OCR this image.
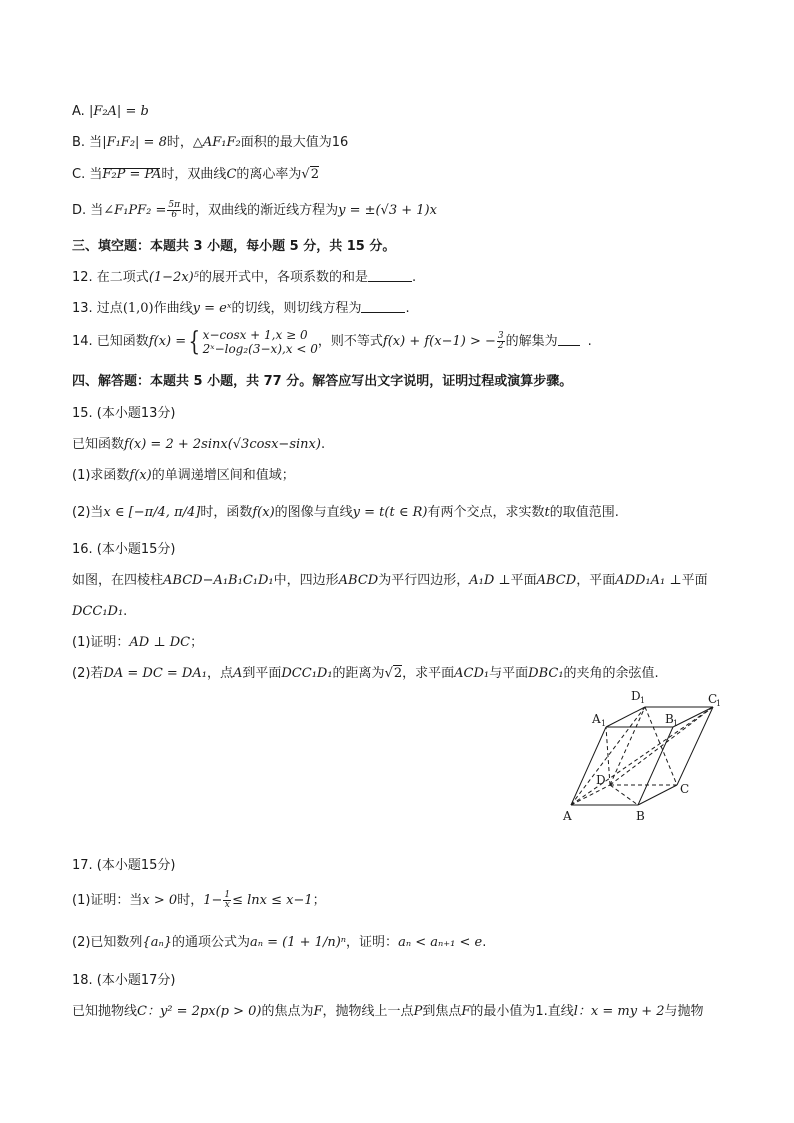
A. |F₂A| = b
B. 当|F₁F₂| = 8时，△AF₁F₂面积的最大值为16
C. 当
F₂P = PA时，双曲线C的离心率为√2
D. 当∠F₁PF₂ = $\frac{5\pi}{6}$ 时，双曲线的渐近线方程为y = ±(√3 + 1)x
三、填空题：本题共 3 小题，每小题 5 分，共 15 分。
12. 在二项式(1−2x)⁵的展开式中，各项系数的和是	.
13. 过点(1,0)作曲线y = eˣ的切线，则切线方程为	.
14. 已知函数f(x) ={ x−cosx + 1,x ≥ 0
2ˣ−log₂(3−x),x < 0 ，则不等式f(x) + f(x−1) > − $\frac{3}{2}$ 的解集为 .
四、解答题：本题共 5 小题，共 77 分。解答应写出文字说明，证明过程或演算步骤。
15. (本小题13分)
已知函数f(x) = 2 + 2sinx(√3cosx−sinx).
(1)求函数f(x)的单调递增区间和值域；
(2)当x ∈ [−π/4, π/4]时，函数f(x)的图像与直线y = t(t ∈ R)有两个交点，求实数t的取值范围.
16. (本小题15分)
如图，在四棱柱ABCD−A₁B₁C₁D₁中，四边形ABCD为平行四边形，A₁D ⊥平面ABCD，平面ADD₁A₁ ⊥平面
DCC₁D₁.
(1)证明：AD ⊥ DC；
(2)若DA = DC = DA₁，点A到平面DCC₁D₁的距离为√2，求平面ACD₁与平面DBC₁的夹角的余弦值.
A	B
C
D
A 1	B 1
C
1
D 1
17. (本小题15分)
(1)证明：当x > 0时，$1- \frac{1}{x} \le \ln x \le x-1$；
(2)已知数列{aₙ}的通项公式为aₙ = (1 + 1/n)ⁿ，证明：aₙ < aₙ₊₁ < e.
18. (本小题17分)
已知抛物线C：y² = 2px(p > 0)的焦点为F，抛物线上一点P到焦点F的最小值为1.直线l：x = my + 2与抛物
